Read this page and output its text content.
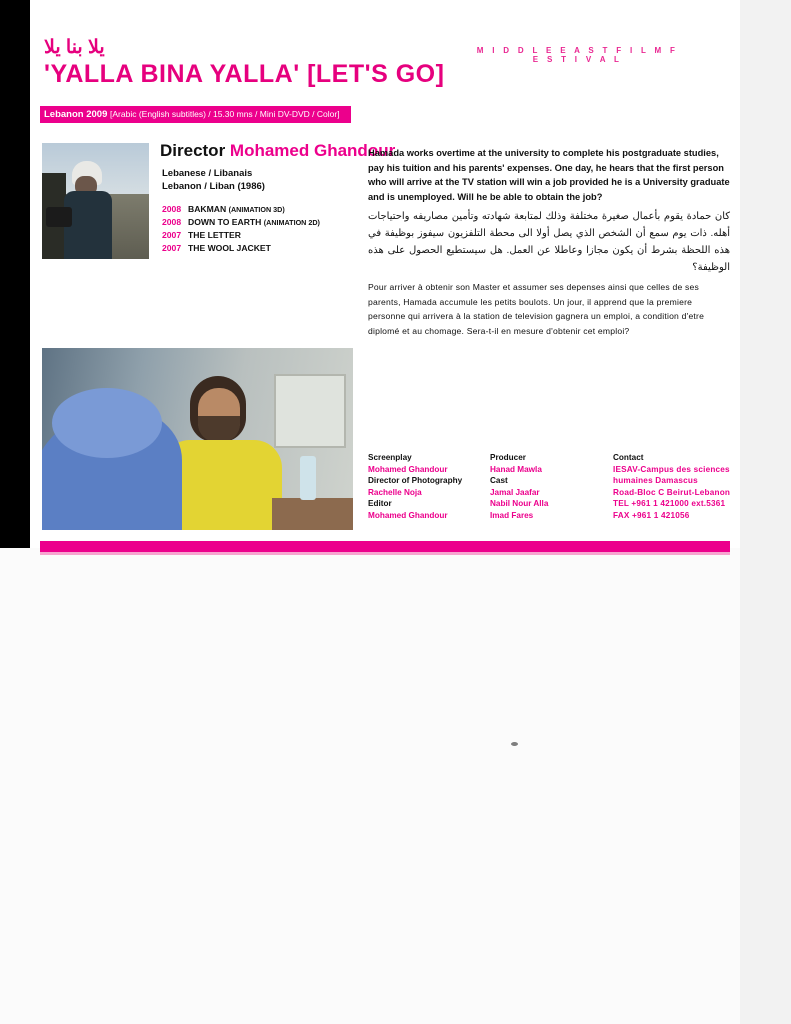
يلا بنا يلا
'YALLA BINA YALLA' [LET'S GO]
M I D D L E E A S T F I L M F E S T I V A L
Lebanon 2009 [Arabic (English subtitles) / 15.30 mns / Mini DV-DVD / Color]
Director Mohamed Ghandour
Lebanese / Libanais
Lebanon / Liban (1986)
2008 BAKMAN (ANIMATION 3D)
2008 DOWN TO EARTH (ANIMATION 2D)
2007 THE LETTER
2007 THE WOOL JACKET
Hamada works overtime at the university to complete his postgraduate studies, pay his tuition and his parents' expenses. One day, he hears that the first person who will arrive at the TV station will win a job provided he is a University graduate and is unemployed. Will he be able to obtain the job?
كان حمادة يقوم بأعمال صغيرة مختلفة وذلك لمتابعة شهادته وتأمين مصاريفه واحتياجات أهله. ذات يوم سمع أن الشخص الذي يصل أولا الى محطة التلفزيون سيفوز بوظيفة في هذه اللحظة بشرط أن يكون مجازا وعاطلا عن العمل. هل سيستطيع الحصول على هذه الوظيفة؟
Pour arriver à obtenir son Master et assumer ses depenses ainsi que celles de ses parents, Hamada accumule les petits boulots. Un jour, il apprend que la premiere personne qui arrivera à la station de television gagnera un emploi, a condition d'etre diplomé et au chomage. Sera-t-il en mesure d'obtenir cet emploi?
Screenplay
Mohamed Ghandour
Director of Photography
Rachelle Noja
Editor
Mohamed Ghandour
Producer
Hanad Mawla
Cast
Jamal Jaafar
Nabil Nour Alla
Imad Fares
Contact
IESAV-Campus des sciences
humaines Damascus
Road-Bloc C Beirut-Lebanon
TEL +961 1 421000 ext.5361
FAX +961 1 421056
